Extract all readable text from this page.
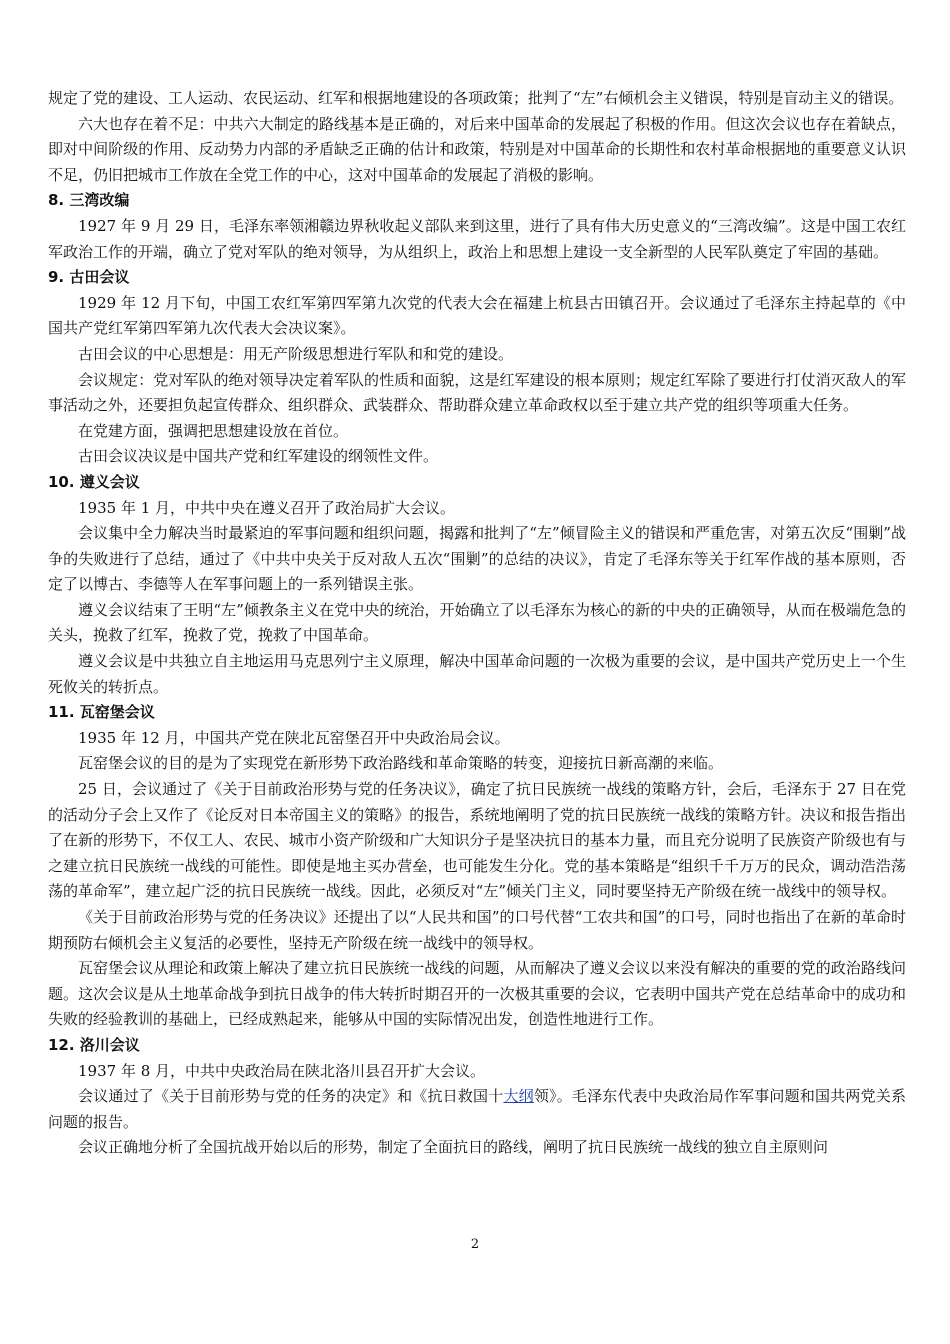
规定了党的建设、工人运动、农民运动、红军和根据地建设的各项政策；批判了“左”右倾机会主义错误，特别是盲动主义的错误。

六大也存在着不足：中共六大制定的路线基本是正确的，对后来中国革命的发展起了积极的作用。但这次会议也存在着缺点，即对中间阶级的作用、反动势力内部的矛盾缺乏正确的估计和政策，特别是对中国革命的长期性和农村革命根据地的重要意义认识不足，仍旧把城市工作放在全党工作的中心，这对中国革命的发展起了消极的影响。

8. 三湾改编

1927 年 9 月 29 日，毛泽东率领湘赣边界秋收起义部队来到这里，进行了具有伟大历史意义的“三湾改编”。这是中国工农红军政治工作的开端，确立了党对军队的绝对领导，为从组织上，政治上和思想上建设一支全新型的人民军队奠定了牢固的基础。

9. 古田会议

1929 年 12 月下旬，中国工农红军第四军第九次党的代表大会在福建上杭县古田镇召开。会议通过了毛泽东主持起草的《中国共产党红军第四军第九次代表大会决议案》。

古田会议的中心思想是：用无产阶级思想进行军队和和党的建设。

会议规定：党对军队的绝对领导决定着军队的性质和面貌，这是红军建设的根本原则；规定红军除了要进行打仗消灭敌人的军事活动之外，还要担负起宣传群众、组织群众、武装群众、帮助群众建立革命政权以至于建立共产党的组织等项重大任务。

在党建方面，强调把思想建设放在首位。

古田会议决议是中国共产党和红军建设的纲领性文件。

10. 遵义会议

1935 年 1 月，中共中央在遵义召开了政治局扩大会议。

会议集中全力解决当时最紧迫的军事问题和组织问题，揭露和批判了“左”倾冒险主义的错误和严重危害，对第五次反“围剿”战争的失败进行了总结，通过了《中共中央关于反对敌人五次“围剿”的总结的决议》，肯定了毛泽东等关于红军作战的基本原则，否定了以博古、李德等人在军事问题上的一系列错误主张。

遵义会议结束了王明“左”倾教条主义在党中央的统治，开始确立了以毛泽东为核心的新的中央的正确领导，从而在极端危急的关头，挽救了红军，挽救了党，挽救了中国革命。

遵义会议是中共独立自主地运用马克思列宁主义原理，解决中国革命问题的一次极为重要的会议，是中国共产党历史上一个生死攸关的转折点。

11. 瓦窑堡会议

1935 年 12 月，中国共产党在陕北瓦窑堡召开中央政治局会议。

瓦窑堡会议的目的是为了实现党在新形势下政治路线和革命策略的转变，迎接抗日新高潮的来临。

25 日，会议通过了《关于目前政治形势与党的任务决议》，确定了抗日民族统一战线的策略方针，会后，毛泽东于 27 日在党的活动分子会上又作了《论反对日本帝国主义的策略》的报告，系统地阐明了党的抗日民族统一战线的策略方针。决议和报告指出了在新的形势下，不仅工人、农民、城市小资产阶级和广大知识分子是坚决抗日的基本力量，而且充分说明了民族资产阶级也有与之建立抗日民族统一战线的可能性。即使是地主买办营垒，也可能发生分化。党的基本策略是“组织千千万万的民众，调动浩浩荡荡的革命军”，建立起广泛的抗日民族统一战线。因此，必须反对“左”倾关门主义，同时要坚持无产阶级在统一战线中的领导权。

《关于目前政治形势与党的任务决议》还提出了以“人民共和国”的口号代替“工农共和国”的口号，同时也指出了在新的革命时期预防右倾机会主义复活的必要性，坚持无产阶级在统一战线中的领导权。

瓦窑堡会议从理论和政策上解决了建立抗日民族统一战线的问题，从而解决了遵义会议以来没有解决的重要的党的政治路线问题。这次会议是从土地革命战争到抗日战争的伟大转折时期召开的一次极其重要的会议，它表明中国共产党在总结革命中的成功和失败的经验教训的基础上，已经成熟起来，能够从中国的实际情况出发，创造性地进行工作。

12. 洛川会议

1937 年 8 月，中共中央政治局在陕北洛川县召开扩大会议。

会议通过了《关于目前形势与党的任务的决定》和《抗日救国十大纲领》。毛泽东代表中央政治局作军事问题和国共两党关系问题的报告。

会议正确地分析了全国抗战开始以后的形势，制定了全面抗日的路线，阐明了抗日民族统一战线的独立自主原则问

2
